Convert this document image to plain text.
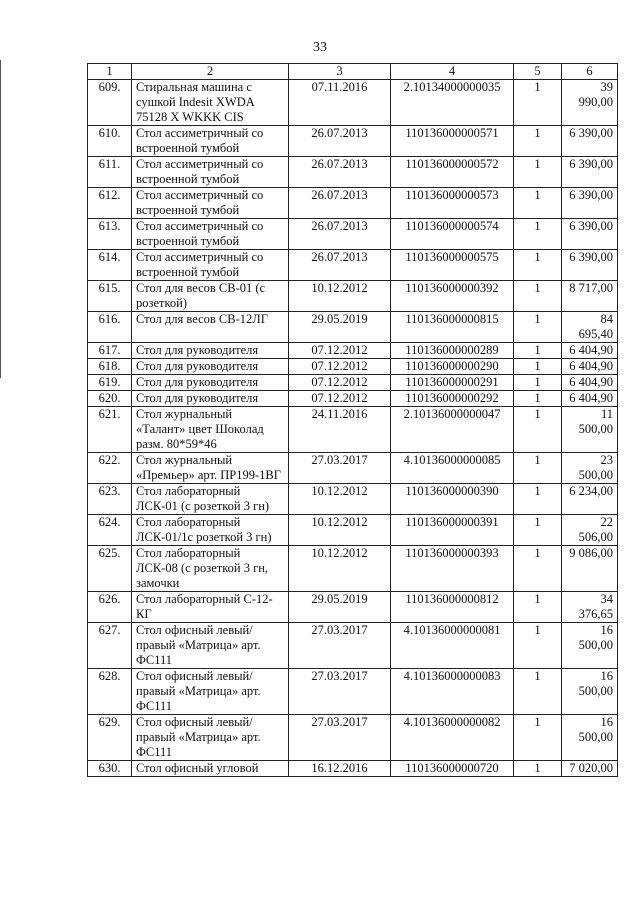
33
1	2	3	4	5	6
609.	Стиральная машина с сушкой Indesit XWDA 75128 X WKKK CIS	07.11.2016	2.10134000000035	1	39 990,00
610.	Стол ассиметричный со встроенной тумбой	26.07.2013	110136000000571	1	6 390,00
611.	Стол ассиметричный со встроенной тумбой	26.07.2013	110136000000572	1	6 390,00
612.	Стол ассиметричный со встроенной тумбой	26.07.2013	110136000000573	1	6 390,00
613.	Стол ассиметричный со встроенной тумбой	26.07.2013	110136000000574	1	6 390,00
614.	Стол ассиметричный со встроенной тумбой	26.07.2013	110136000000575	1	6 390,00
615.	Стол для весов СВ-01 (с розеткой)	10.12.2012	110136000000392	1	8 717,00
616.	Стол для весов СВ-12ЛГ	29.05.2019	110136000000815	1	84 695,40
617.	Стол для руководителя	07.12.2012	110136000000289	1	6 404,90
618.	Стол для руководителя	07.12.2012	110136000000290	1	6 404,90
619.	Стол для руководителя	07.12.2012	110136000000291	1	6 404,90
620.	Стол для руководителя	07.12.2012	110136000000292	1	6 404,90
621.	Стол журнальный «Талант» цвет Шоколад разм. 80*59*46	24.11.2016	2.10136000000047	1	11 500,00
622.	Стол журнальный «Премьер» арт. ПР199-1ВГ	27.03.2017	4.10136000000085	1	23 500,00
623.	Стол лабораторный ЛСК-01 (с розеткой 3 гн)	10.12.2012	110136000000390	1	6 234,00
624.	Стол лабораторный ЛСК-01/1с розеткой 3 гн)	10.12.2012	110136000000391	1	22 506,00
625.	Стол лабораторный ЛСК-08 (с розеткой 3 гн, замочки	10.12.2012	110136000000393	1	9 086,00
626.	Стол лабораторный С-12-КГ	29.05.2019	110136000000812	1	34 376,65
627.	Стол офисный левый/правый «Матрица» арт. ФС111	27.03.2017	4.10136000000081	1	16 500,00
628.	Стол офисный левый/правый «Матрица» арт. ФС111	27.03.2017	4.10136000000083	1	16 500,00
629.	Стол офисный левый/правый «Матрица» арт. ФС111	27.03.2017	4.10136000000082	1	16 500,00
630.	Стол офисный угловой	16.12.2016	110136000000720	1	7 020,00
